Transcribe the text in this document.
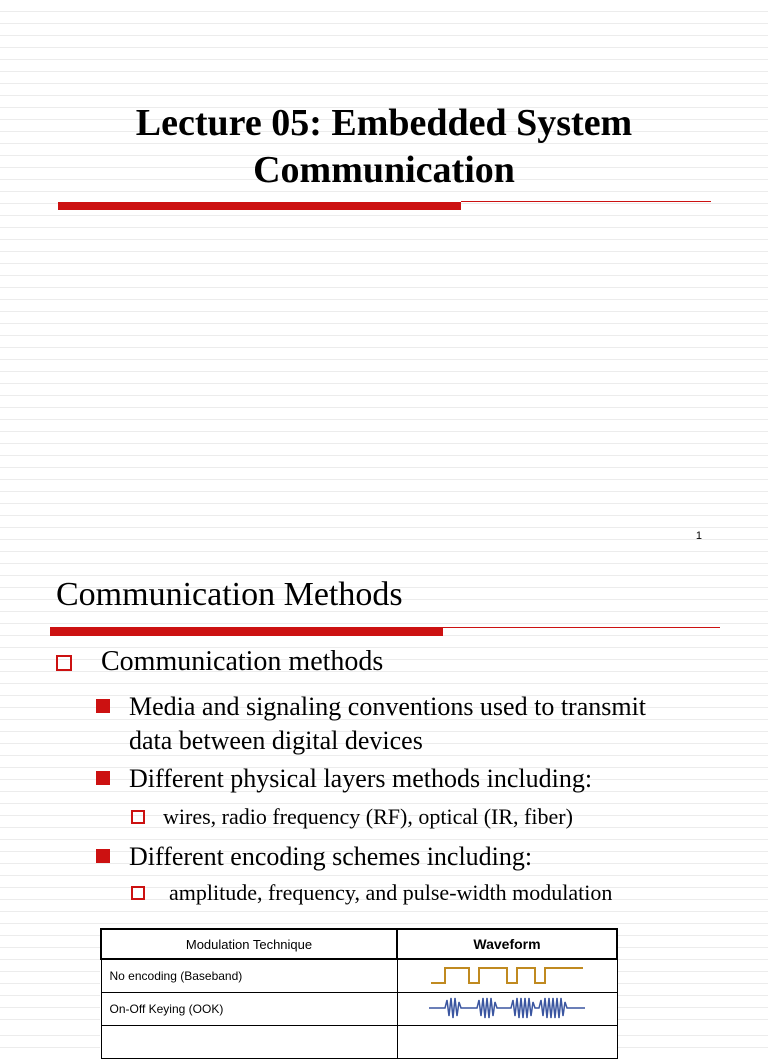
Lecture 05: Embedded System
Communication
1
Communication Methods
Communication methods
Media and signaling conventions used to transmit
data between digital devices
Different physical layers methods including:
wires, radio frequency (RF), optical (IR, fiber)
Different encoding schemes including:
amplitude, frequency, and pulse-width modulation
Modulation Technique	Waveform
No encoding (Baseband)	
On-Off Keying (OOK)	
